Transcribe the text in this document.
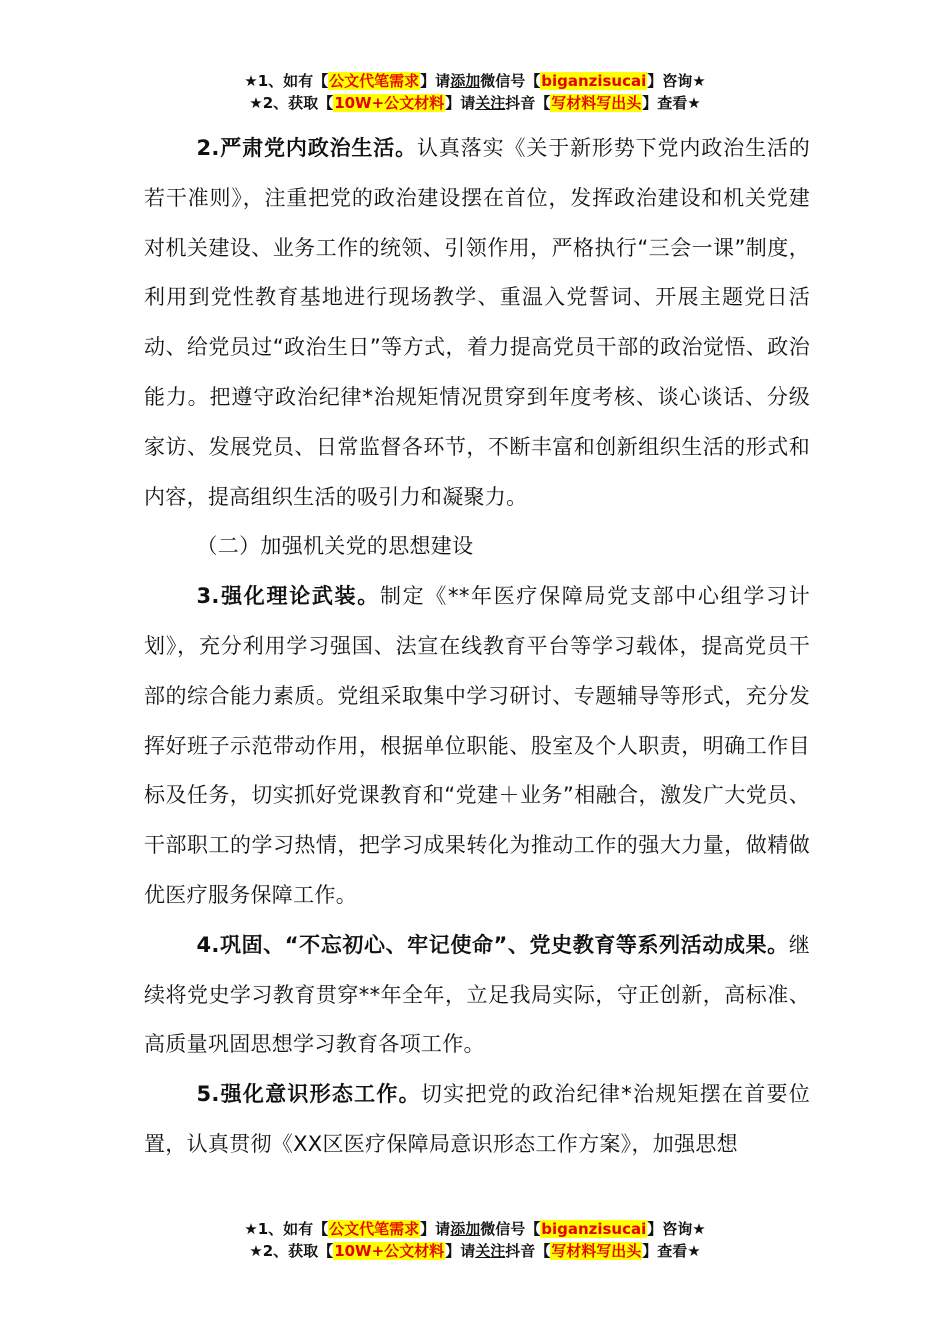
★1、如有【公文代笔需求】请添加微信号【biganzisucai】咨询★
★2、获取【10W+公文材料】请关注抖音【写材料写出头】查看★

2.严肃党内政治生活。认真落实《关于新形势下党内政治生活的若干准则》，注重把党的政治建设摆在首位，发挥政治建设和机关党建对机关建设、业务工作的统领、引领作用，严格执行“三会一课”制度，利用到党性教育基地进行现场教学、重温入党誓词、开展主题党日活动、给党员过“政治生日”等方式，着力提高党员干部的政治觉悟、政治能力。把遵守政治纪律*治规矩情况贯穿到年度考核、谈心谈话、分级家访、发展党员、日常监督各环节，不断丰富和创新组织生活的形式和内容，提高组织生活的吸引力和凝聚力。

（二）加强机关党的思想建设

3.强化理论武装。制定《**年医疗保障局党支部中心组学习计划》，充分利用学习强国、法宣在线教育平台等学习载体，提高党员干部的综合能力素质。党组采取集中学习研讨、专题辅导等形式，充分发挥好班子示范带动作用，根据单位职能、股室及个人职责，明确工作目标及任务，切实抓好党课教育和“党建＋业务”相融合，激发广大党员、干部职工的学习热情，把学习成果转化为推动工作的强大力量，做精做优医疗服务保障工作。

4.巩固、“不忘初心、牢记使命”、党史教育等系列活动成果。继续将党史学习教育贯穿**年全年，立足我局实际，守正创新，高标准、高质量巩固思想学习教育各项工作。

5.强化意识形态工作。切实把党的政治纪律*治规矩摆在首要位置，认真贯彻《XX区医疗保障局意识形态工作方案》，加强思想

★1、如有【公文代笔需求】请添加微信号【biganzisucai】咨询★
★2、获取【10W+公文材料】请关注抖音【写材料写出头】查看★
